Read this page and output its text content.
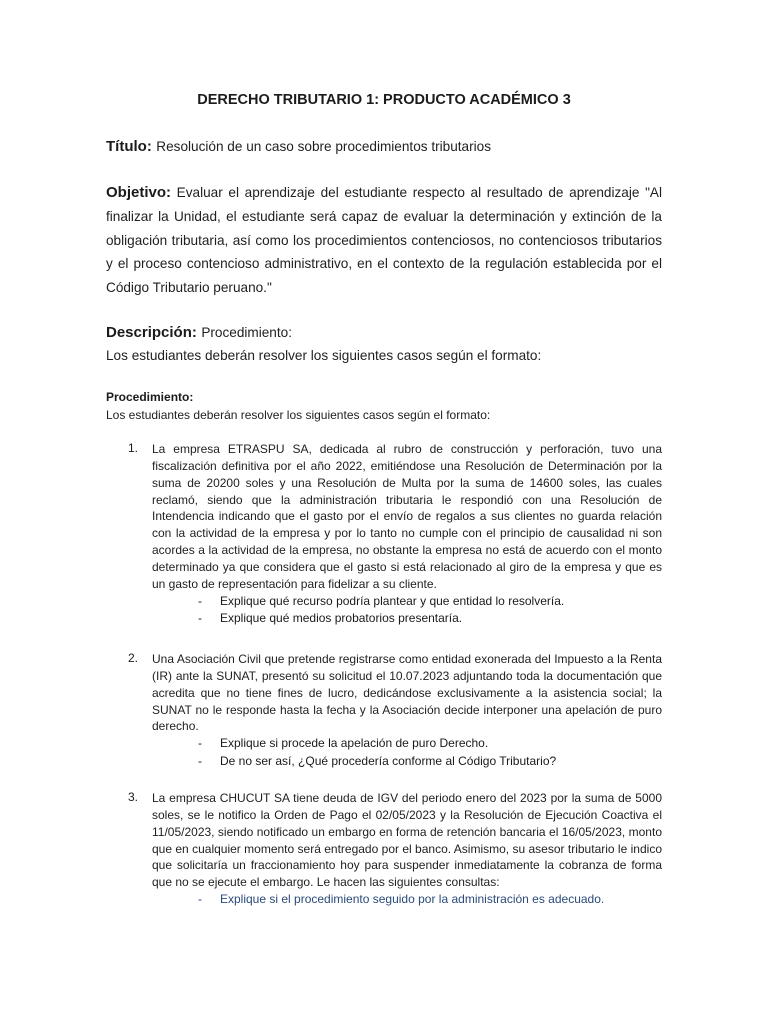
DERECHO TRIBUTARIO 1: PRODUCTO ACADÉMICO 3
Título: Resolución de un caso sobre procedimientos tributarios
Objetivo: Evaluar el aprendizaje del estudiante respecto al resultado de aprendizaje "Al finalizar la Unidad, el estudiante será capaz de evaluar la determinación y extinción de la obligación tributaria, así como los procedimientos contenciosos, no contenciosos tributarios y el proceso contencioso administrativo, en el contexto de la regulación establecida por el Código Tributario peruano."
Descripción: Procedimiento:
Los estudiantes deberán resolver los siguientes casos según el formato:
Procedimiento:
Los estudiantes deberán resolver los siguientes casos según el formato:
1. La empresa ETRASPU SA, dedicada al rubro de construcción y perforación, tuvo una fiscalización definitiva por el año 2022, emitiéndose una Resolución de Determinación por la suma de 20200 soles y una Resolución de Multa por la suma de 14600 soles, las cuales reclamó, siendo que la administración tributaria le respondió con una Resolución de Intendencia indicando que el gasto por el envío de regalos a sus clientes no guarda relación con la actividad de la empresa y por lo tanto no cumple con el principio de causalidad ni son acordes a la actividad de la empresa, no obstante la empresa no está de acuerdo con el monto determinado ya que considera que el gasto si está relacionado al giro de la empresa y que es un gasto de representación para fidelizar a su cliente.
- Explique qué recurso podría plantear y que entidad lo resolvería.
- Explique qué medios probatorios presentaría.
2. Una Asociación Civil que pretende registrarse como entidad exonerada del Impuesto a la Renta (IR) ante la SUNAT, presentó su solicitud el 10.07.2023 adjuntando toda la documentación que acredita que no tiene fines de lucro, dedicándose exclusivamente a la asistencia social; la SUNAT no le responde hasta la fecha y la Asociación decide interponer una apelación de puro derecho.
- Explique si procede la apelación de puro Derecho.
- De no ser así, ¿Qué procedería conforme al Código Tributario?
3. La empresa CHUCUT SA tiene deuda de IGV del periodo enero del 2023 por la suma de 5000 soles, se le notifico la Orden de Pago el 02/05/2023 y la Resolución de Ejecución Coactiva el 11/05/2023, siendo notificado un embargo en forma de retención bancaria el 16/05/2023, monto que en cualquier momento será entregado por el banco. Asimismo, su asesor tributario le indico que solicitaría un fraccionamiento hoy para suspender inmediatamente la cobranza de forma que no se ejecute el embargo. Le hacen las siguientes consultas:
- Explique si el procedimiento seguido por la administración es adecuado.
